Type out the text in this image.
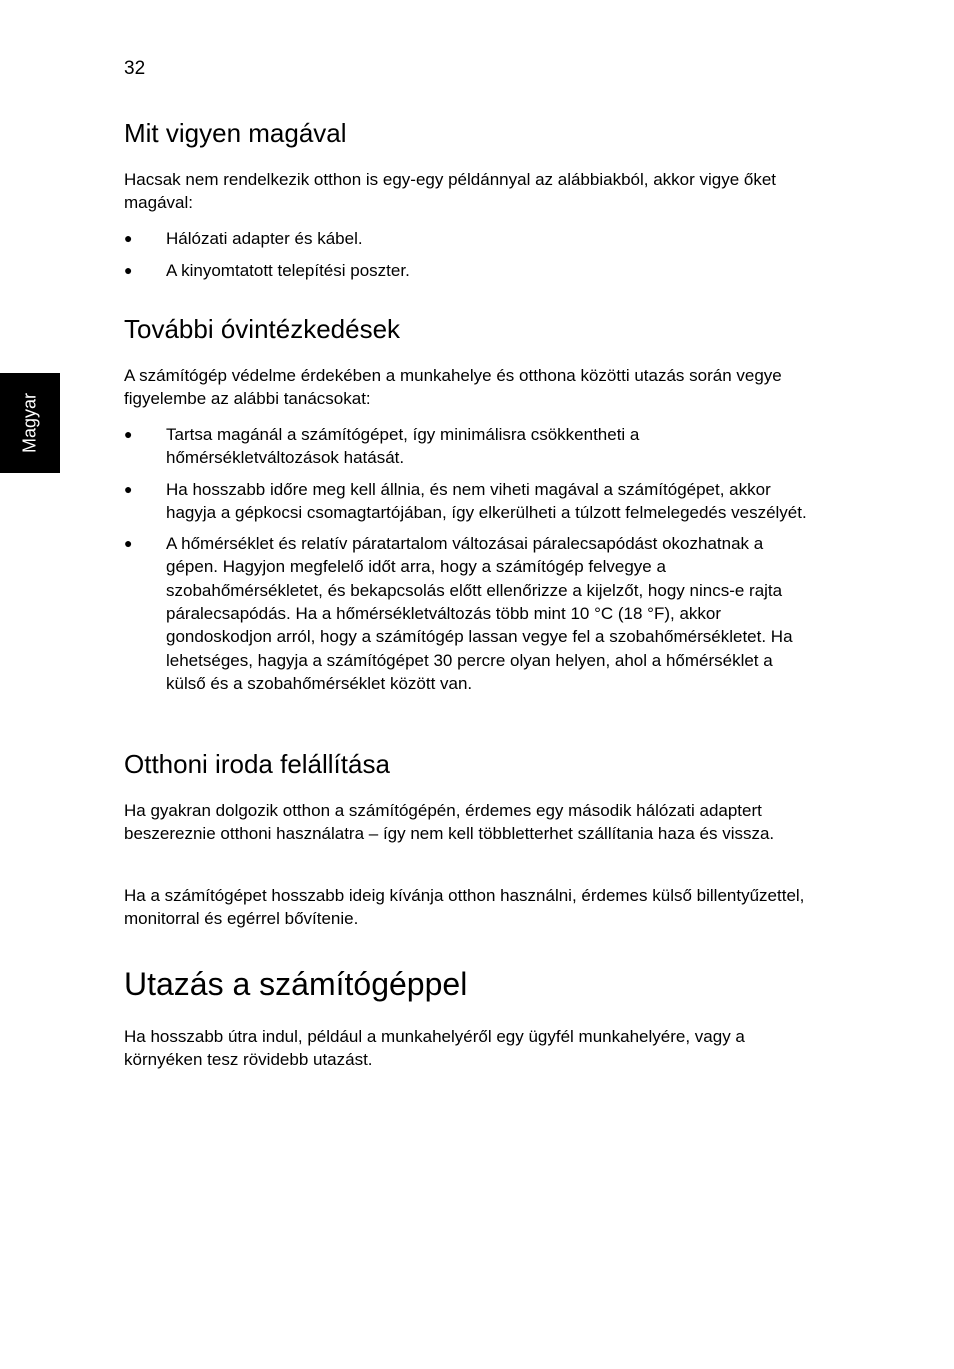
32
Magyar
Mit vigyen magával

Hacsak nem rendelkezik otthon is egy-egy példánnyal az alábbiakból, akkor vigye őket magával:

● Hálózati adapter és kábel.
● A kinyomtatott telepítési poszter.
További óvintézkedések

A számítógép védelme érdekében a munkahelye és otthona közötti utazás során vegye figyelembe az alábbi tanácsokat:

● Tartsa magánál a számítógépet, így minimálisra csökkentheti a hőmérsékletváltozások hatását.
● Ha hosszabb időre meg kell állnia, és nem viheti magával a számítógépet, akkor hagyja a gépkocsi csomagtartójában, így elkerülheti a túlzott felmelegedés veszélyét.
● A hőmérséklet és relatív páratartalom változásai páralecsapódást okozhatnak a gépen. Hagyjon megfelelő időt arra, hogy a számítógép felvegye a szobahőmérsékletet, és bekapcsolás előtt ellenőrizze a kijelzőt, hogy nincs-e rajta páralecsapódás. Ha a hőmérsékletváltozás több mint 10 °C (18 °F), akkor gondoskodjon arról, hogy a számítógép lassan vegye fel a szobahőmérsékletet. Ha lehetséges, hagyja a számítógépet 30 percre olyan helyen, ahol a hőmérséklet a külső és a szobahőmérséklet között van.
Otthoni iroda felállítása

Ha gyakran dolgozik otthon a számítógépén, érdemes egy második hálózati adaptert beszereznie otthoni használatra – így nem kell többletterhet szállítania haza és vissza.

Ha a számítógépet hosszabb ideig kívánja otthon használni, érdemes külső billentyűzettel, monitorral és egérrel bővítenie.

Utazás a számítógéppel

Ha hosszabb útra indul, például a munkahelyéről egy ügyfél munkahelyére, vagy a környéken tesz rövidebb utazást.
